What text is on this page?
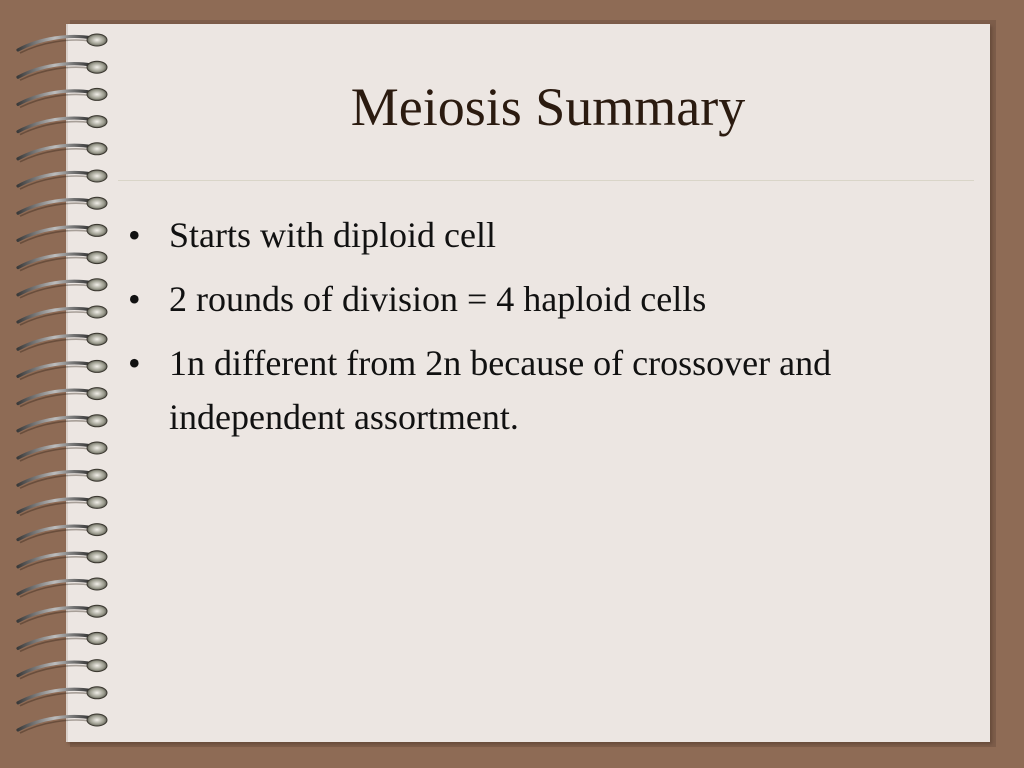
Meiosis Summary
• Starts with diploid cell
• 2 rounds of division = 4 haploid cells
• 1n different from 2n because of crossover and independent assortment.
